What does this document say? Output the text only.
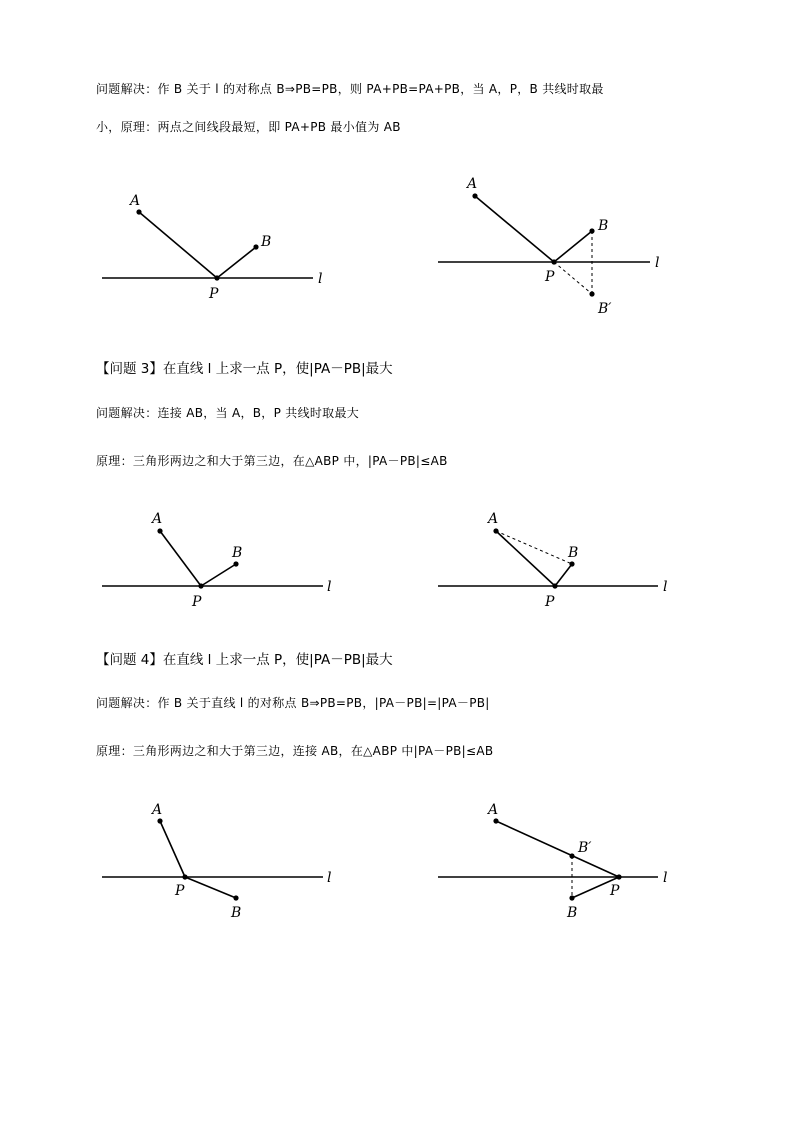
问题解决：作 B 关于 l 的对称点 B⇒PB=PB，则 PA+PB=PA+PB，当 A，P，B 共线时取最
小，原理：两点之间线段最短，即 PA+PB 最小值为 AB
A
B
P
l
A
B
P
B′
l
【问题 3】在直线 l 上求一点 P，使|PA－PB|最大
问题解决：连接 AB，当 A，B，P 共线时取最大
原理：三角形两边之和大于第三边，在△ABP 中，|PA－PB|≤AB
A
B
P
l
A
B
P
l
【问题 4】在直线 l 上求一点 P，使|PA－PB|最大
问题解决：作 B 关于直线 l 的对称点 B⇒PB=PB，|PA－PB|=|PA－PB|
原理：三角形两边之和大于第三边，连接 AB，在△ABP 中|PA－PB|≤AB
A
B
P
l
A
B′
B
P
l
